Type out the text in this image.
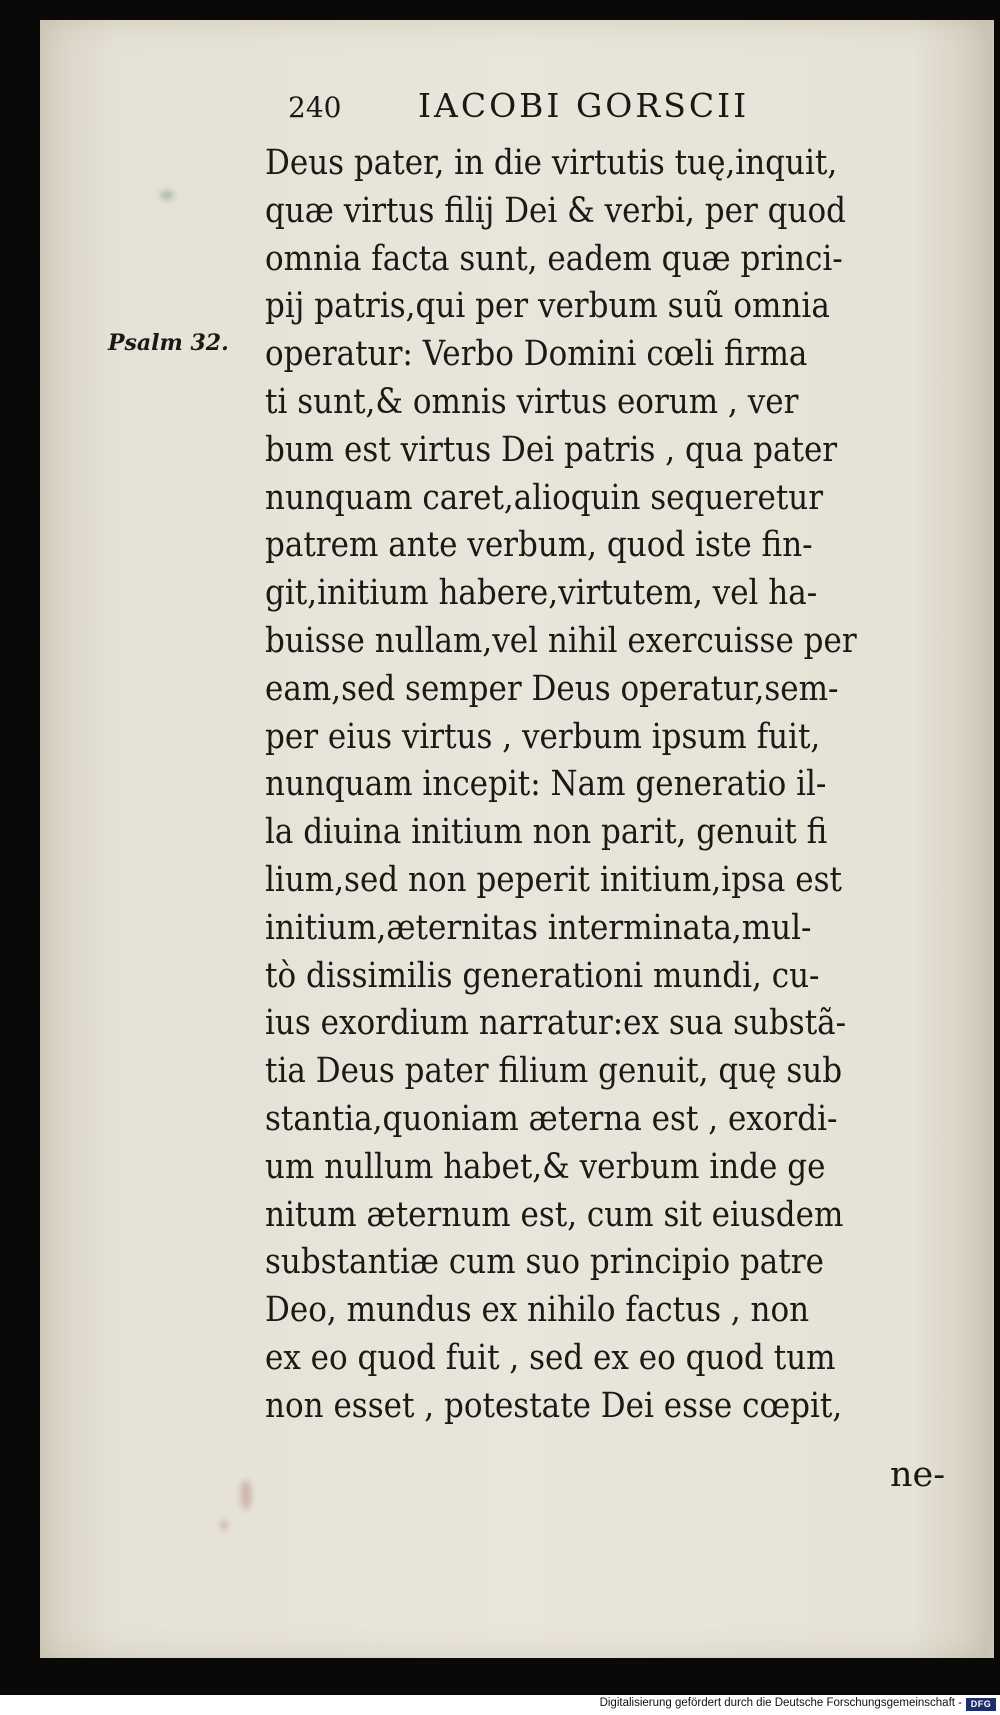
240 IACOBI GORSCII
Psalm 32.
Deus pater, in die virtutis tuę,inquit,
quæ virtus filij Dei & verbi, per quod
omnia facta sunt, eadem quæ princi-
pij patris,qui per verbum suũ omnia
operatur: Verbo Domini cœli firma
ti sunt,& omnis virtus eorum , ver
bum est virtus Dei patris , qua pater
nunquam caret,alioquin sequeretur
patrem ante verbum, quod iste fin-
git,initium habere,virtutem, vel ha-
buisse nullam,vel nihil exercuisse per
eam,sed semper Deus operatur,sem-
per eius virtus , verbum ipsum fuit,
nunquam incepit: Nam generatio il-
la diuina initium non parit, genuit fi
lium,sed non peperit initium,ipsa est
initium,æternitas interminata,mul-
tò dissimilis generationi mundi, cu-
ius exordium narratur:ex sua substã-
tia Deus pater filium genuit, quę sub
stantia,quoniam æterna est , exordi-
um nullum habet,& verbum inde ge
nitum æternum est, cum sit eiusdem
substantiæ cum suo principio patre
Deo, mundus ex nihilo factus , non
ex eo quod fuit , sed ex eo quod tum
non esset , potestate Dei esse cœpit,
ne-
Digitalisierung gefördert durch die Deutsche Forschungsgemeinschaft - DFG
